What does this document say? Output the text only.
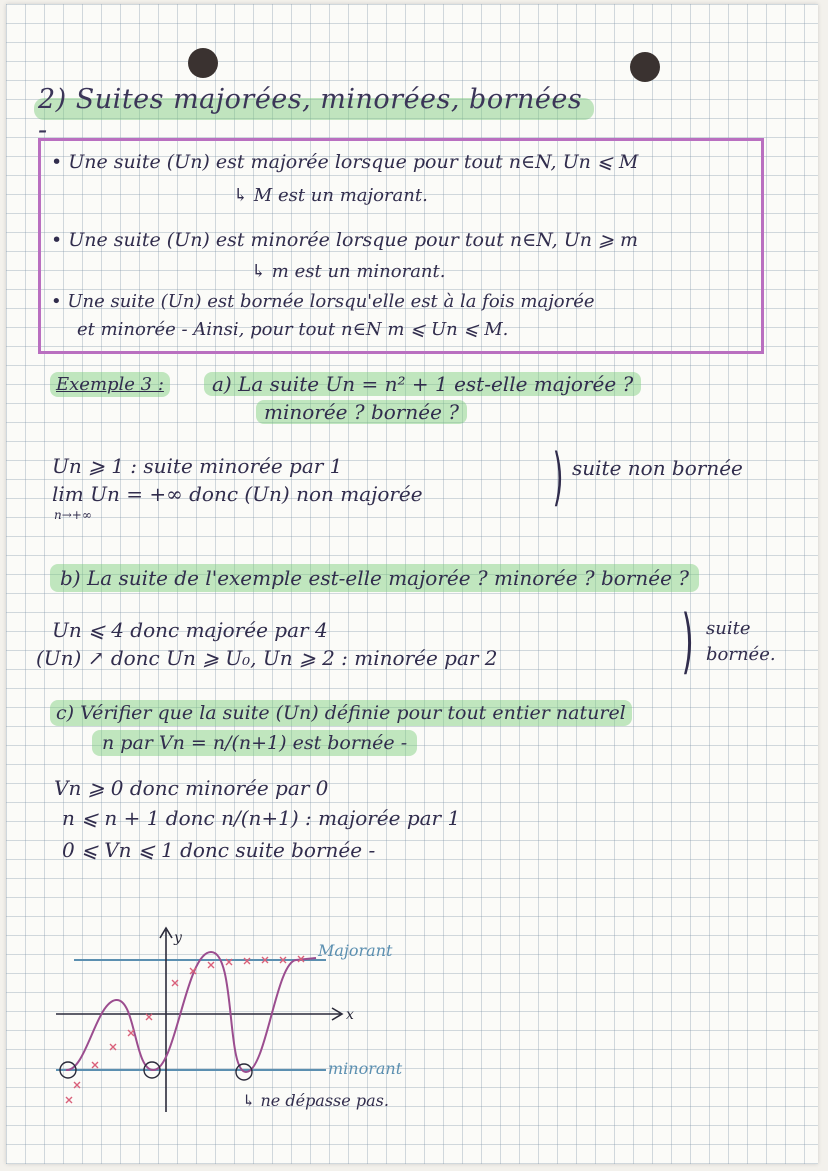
2) Suites majorées, minorées, bornées -
• Une suite (Un) est majorée lorsque pour tout n∈N, Un ⩽ M
↳ M est un majorant.
• Une suite (Un) est minorée lorsque pour tout n∈N, Un ⩾ m
↳ m est un minorant.
• Une suite (Un) est bornée lorsqu'elle est à la fois majorée
et minorée - Ainsi, pour tout n∈N m ⩽ Un ⩽ M.
Exemple 3 :	a) La suite Un = n² + 1 est-elle majorée ?
minorée ? bornée ?
Un ⩾ 1 : suite minorée par 1
lim Un = +∞ donc (Un) non majorée
n→+∞
) suite non bornée
b) La suite de l'exemple est-elle majorée ? minorée ? bornée ?
Un ⩽ 4 donc majorée par 4
(Un) ↗ donc Un ⩾ U₀, Un ⩾ 2 : minorée par 2	) suite
bornée.
c) Vérifier que la suite (Un) définie pour tout entier naturel
n par Vn = n/(n+1) est bornée -
Vn ⩾ 0 donc minorée par 0
n ⩽ n + 1 donc n/(n+1) : majorée par 1
0 ⩽ Vn ⩽ 1 donc suite bornée -
y
x
Majorant
minorant
↳ ne dépasse pas.
